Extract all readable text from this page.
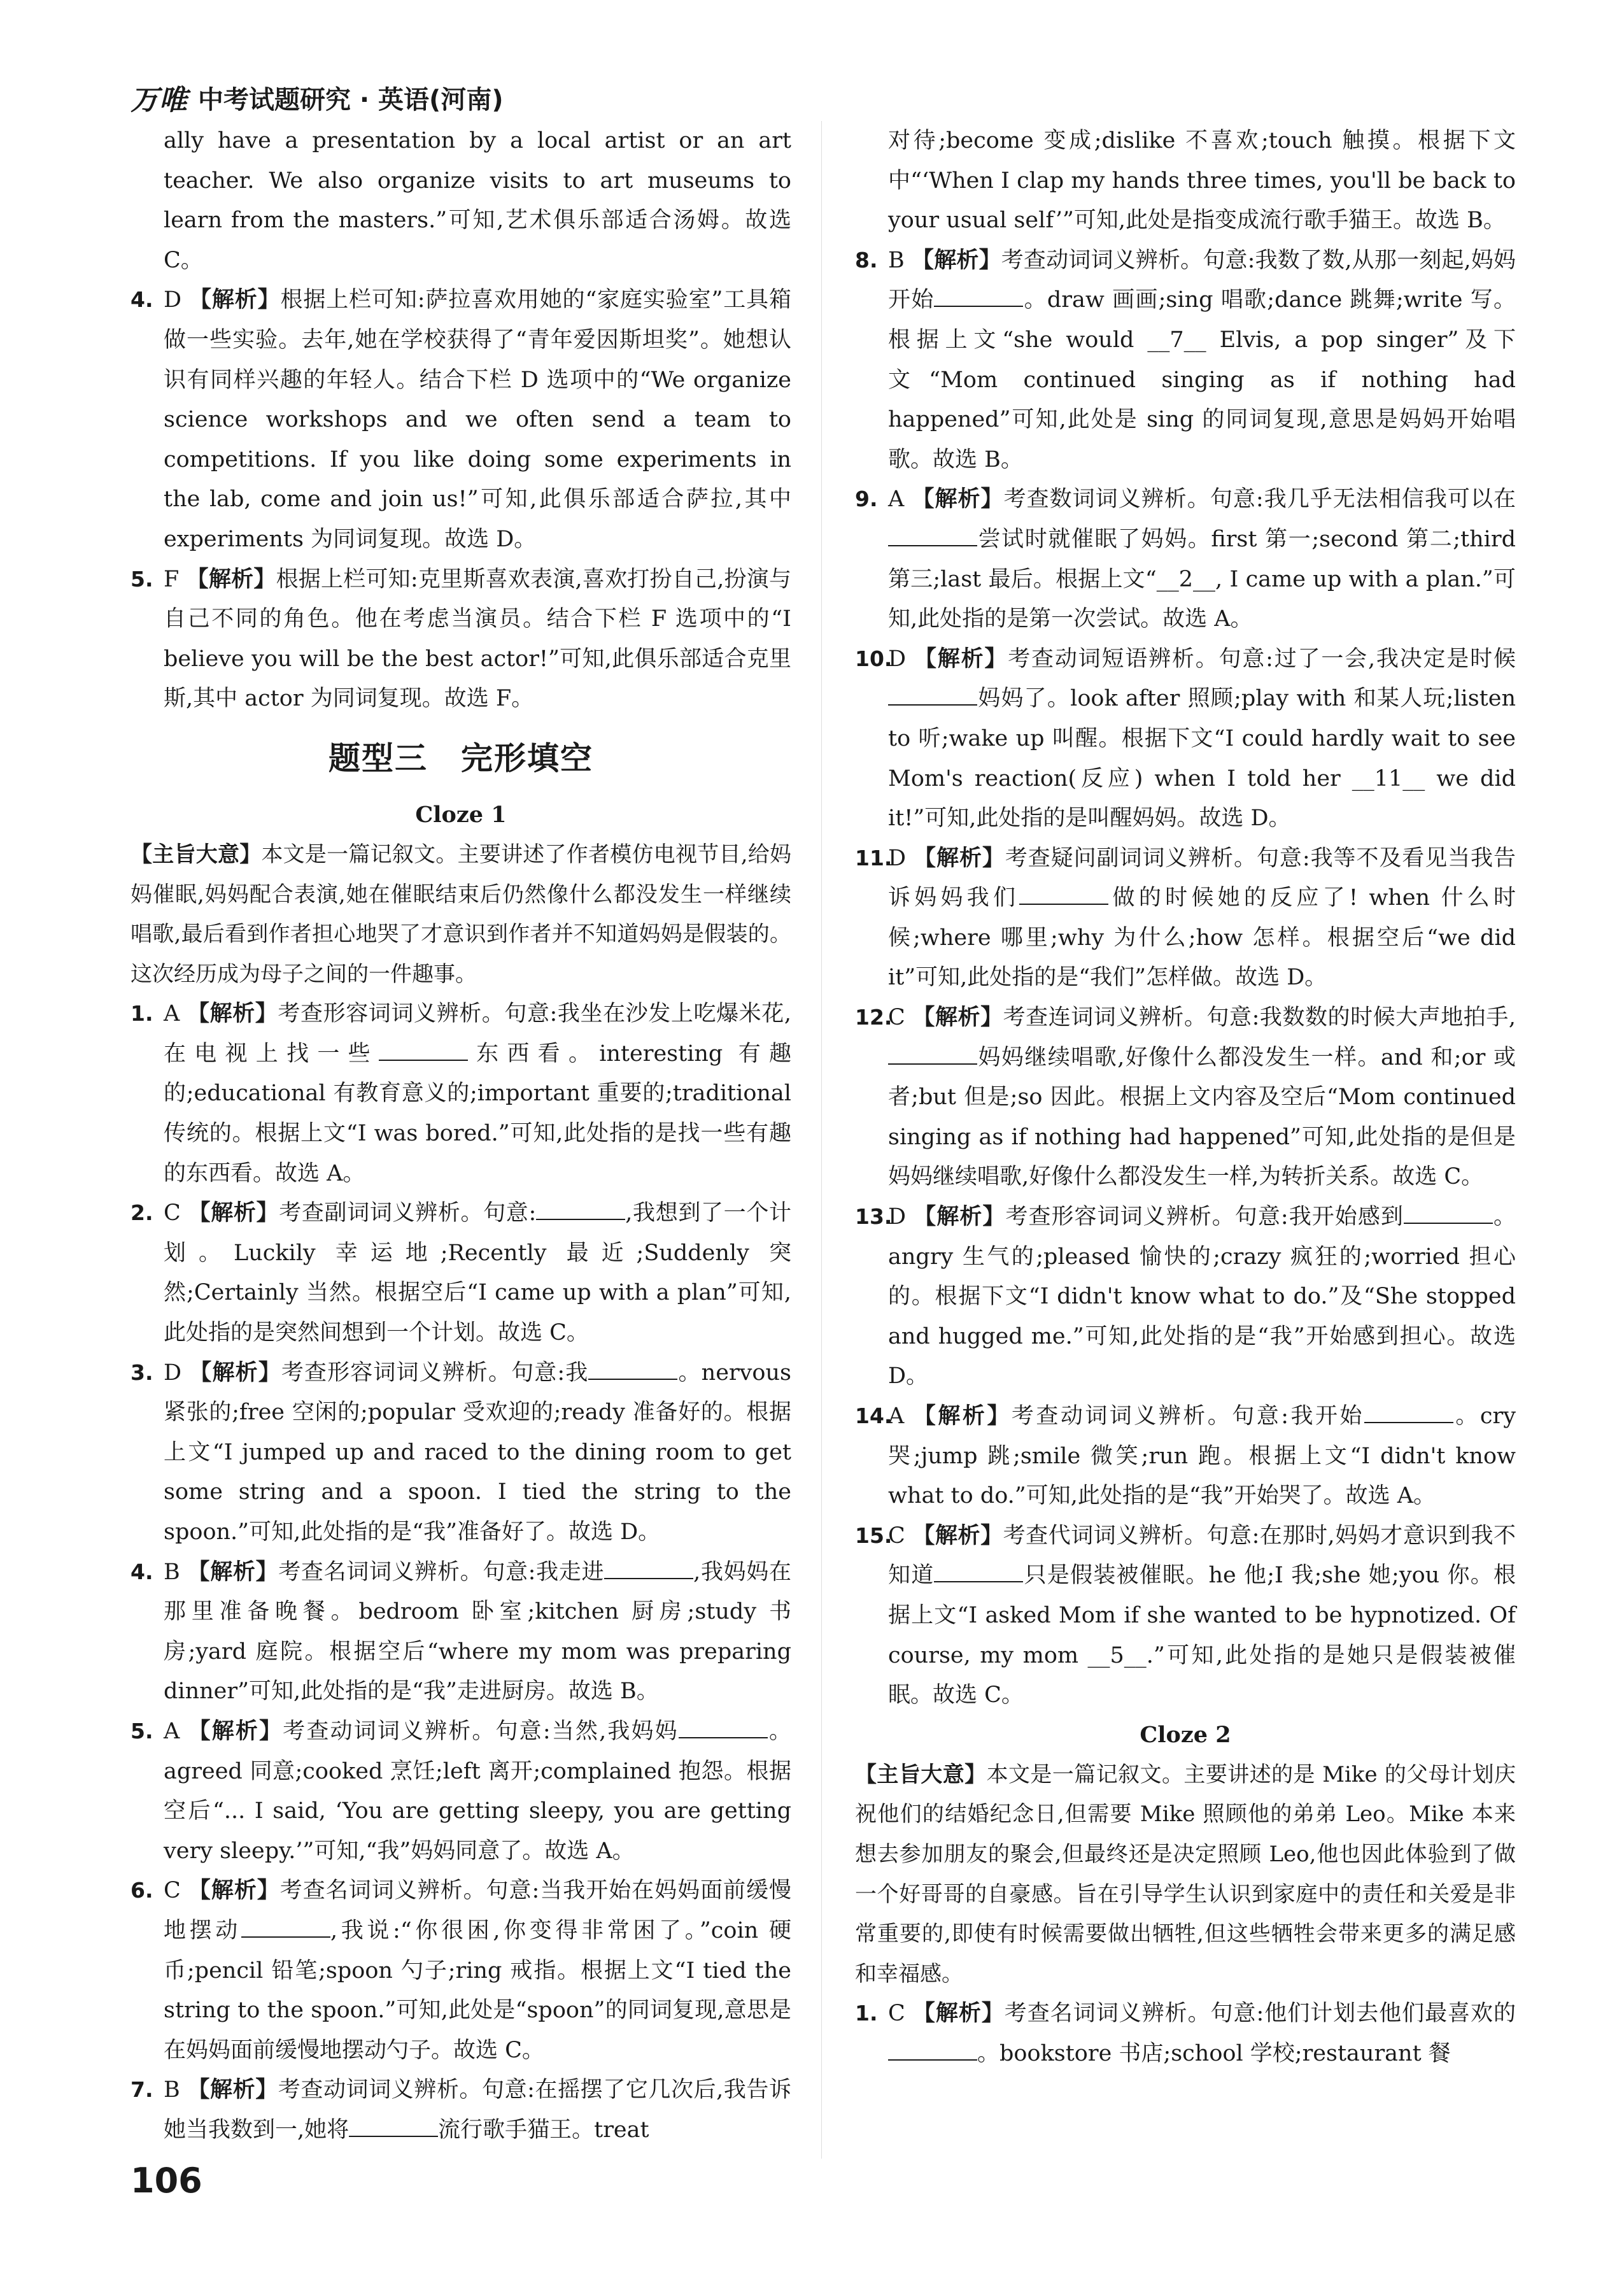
万唯 中考试题研究 · 英语(河南)

ally have a presentation by a local artist or an art teacher. We also organize visits to art museums to learn from the masters.”可知,艺术俱乐部适合汤姆。故选 C。

4. D 【解析】根据上栏可知:萨拉喜欢用她的“家庭实验室”工具箱做一些实验。去年,她在学校获得了“青年爱因斯坦奖”。她想认识有同样兴趣的年轻人。结合下栏 D 选项中的“We organize science workshops and we often send a team to competitions. If you like doing some experiments in the lab, come and join us!”可知,此俱乐部适合萨拉,其中 experiments 为同词复现。故选 D。

5. F 【解析】根据上栏可知:克里斯喜欢表演,喜欢打扮自己,扮演与自己不同的角色。他在考虑当演员。结合下栏 F 选项中的“I believe you will be the best actor!”可知,此俱乐部适合克里斯,其中 actor 为同词复现。故选 F。

题型三　完形填空
Cloze 1

【主旨大意】本文是一篇记叙文。主要讲述了作者模仿电视节目,给妈妈催眠,妈妈配合表演,她在催眠结束后仍然像什么都没发生一样继续唱歌,最后看到作者担心地哭了才意识到作者并不知道妈妈是假装的。这次经历成为母子之间的一件趣事。

1. A 【解析】考查形容词词义辨析。句意:我坐在沙发上吃爆米花,在电视上找一些	东西看。interesting 有趣的;educational 有教育意义的;important 重要的;traditional 传统的。根据上文“I was bored.”可知,此处指的是找一些有趣的东西看。故选 A。

2. C 【解析】考查副词词义辨析。句意:	,我想到了一个计划。Luckily 幸运地;Recently 最近;Suddenly 突然;Certainly 当然。根据空后“I came up with a plan”可知,此处指的是突然间想到一个计划。故选 C。

3. D 【解析】考查形容词词义辨析。句意:我	。nervous 紧张的;free 空闲的;popular 受欢迎的;ready 准备好的。根据上文“I jumped up and raced to the dining room to get some string and a spoon. I tied the string to the spoon.”可知,此处指的是“我”准备好了。故选 D。

4. B 【解析】考查名词词义辨析。句意:我走进	,我妈妈在那里准备晚餐。bedroom 卧室;kitchen 厨房;study 书房;yard 庭院。根据空后“where my mom was preparing dinner”可知,此处指的是“我”走进厨房。故选 B。

5. A 【解析】考查动词词义辨析。句意:当然,我妈妈	。agreed 同意;cooked 烹饪;left 离开;complained 抱怨。根据空后“... I said, ‘You are getting sleepy, you are getting very sleepy.’”可知,“我”妈妈同意了。故选 A。

6. C 【解析】考查名词词义辨析。句意:当我开始在妈妈面前缓慢地摆动	,我说:“你很困,你变得非常困了。”coin 硬币;pencil 铅笔;spoon 勺子;ring 戒指。根据上文“I tied the string to the spoon.”可知,此处是“spoon”的同词复现,意思是在妈妈面前缓慢地摆动勺子。故选 C。

7. B 【解析】考查动词词义辨析。句意:在摇摆了它几次后,我告诉她当我数到一,她将	流行歌手猫王。treat

对待;become 变成;dislike 不喜欢;touch 触摸。根据下文中“‘When I clap my hands three times, you'll be back to your usual self’”可知,此处是指变成流行歌手猫王。故选 B。

8. B 【解析】考查动词词义辨析。句意:我数了数,从那一刻起,妈妈开始	。draw 画画;sing 唱歌;dance 跳舞;write 写。根据上文“she would __7__ Elvis, a pop singer”及下文“Mom continued singing as if nothing had happened”可知,此处是 sing 的同词复现,意思是妈妈开始唱歌。故选 B。

9. A 【解析】考查数词词义辨析。句意:我几乎无法相信我可以在尝试时就催眠了妈妈。first 第一;second 第二;third 第三;last 最后。根据上文“__2__, I came up with a plan.”可知,此处指的是第一次尝试。故选 A。

10.D 【解析】考查动词短语辨析。句意:过了一会,我决定是时候妈妈了。look after 照顾;play with 和某人玩;listen to 听;wake up 叫醒。根据下文“I could hardly wait to see Mom's reaction(反应) when I told her __11__ we did it!”可知,此处指的是叫醒妈妈。故选 D。

11.D 【解析】考查疑问副词词义辨析。句意:我等不及看见当我告诉妈妈我们	做的时候她的反应了! when 什么时候;where 哪里;why 为什么;how 怎样。根据空后“we did it”可知,此处指的是“我们”怎样做。故选 D。

12.C 【解析】考查连词词义辨析。句意:我数数的时候大声地拍手,妈妈继续唱歌,好像什么都没发生一样。and 和;or 或者;but 但是;so 因此。根据上文内容及空后“Mom continued singing as if nothing had happened”可知,此处指的是但是妈妈继续唱歌,好像什么都没发生一样,为转折关系。故选 C。

13.D 【解析】考查形容词词义辨析。句意:我开始感到	。angry 生气的;pleased 愉快的;crazy 疯狂的;worried 担心的。根据下文“I didn't know what to do.”及“She stopped and hugged me.”可知,此处指的是“我”开始感到担心。故选 D。

14.A 【解析】考查动词词义辨析。句意:我开始	。cry 哭;jump 跳;smile 微笑;run 跑。根据上文“I didn't know what to do.”可知,此处指的是“我”开始哭了。故选 A。

15.C 【解析】考查代词词义辨析。句意:在那时,妈妈才意识到我不知道	只是假装被催眠。he 他;I 我;she 她;you 你。根据上文“I asked Mom if she wanted to be hypnotized. Of course, my mom __5__.”可知,此处指的是她只是假装被催眠。故选 C。

Cloze 2

【主旨大意】本文是一篇记叙文。主要讲述的是 Mike 的父母计划庆祝他们的结婚纪念日,但需要 Mike 照顾他的弟弟 Leo。Mike 本来想去参加朋友的聚会,但最终还是决定照顾 Leo,他也因此体验到了做一个好哥哥的自豪感。旨在引导学生认识到家庭中的责任和关爱是非常重要的,即使有时候需要做出牺牲,但这些牺牲会带来更多的满足感和幸福感。

1. C 【解析】考查名词词义辨析。句意:他们计划去他们最喜欢的。bookstore 书店;school 学校;restaurant 餐

106
